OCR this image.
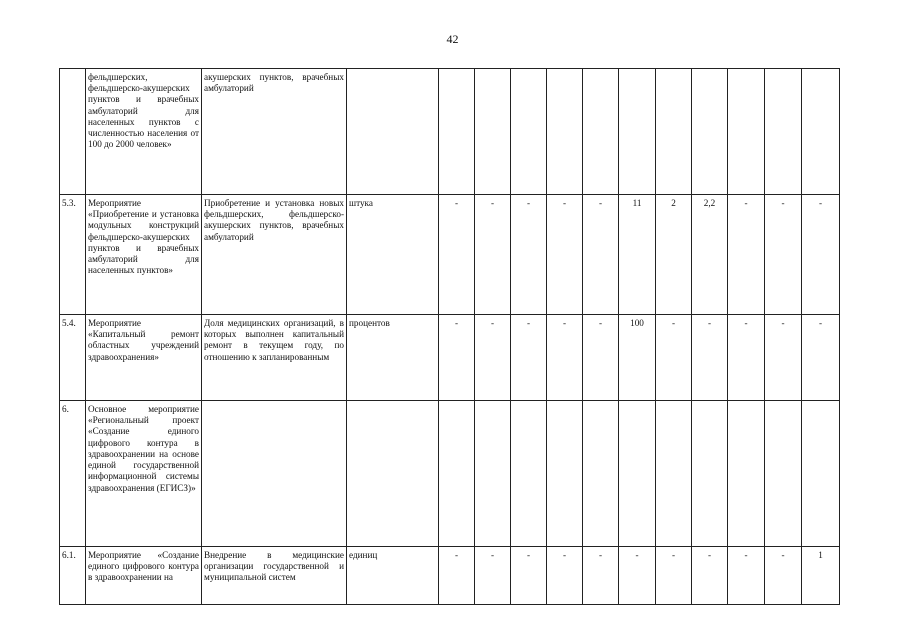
42
	фельдшерских, фельдшерско-акушерских пунктов и врачебных амбулаторий для населенных пунктов с численностью населения от 100 до 2000 человек»	акушерских пунктов, врачебных амбулаторий												
5.3.	Мероприятие «Приобретение и установка модульных конструкций фельдшерско-акушерских пунктов и врачебных амбулаторий для населенных пунктов»	Приобретение и установка новых фельдшерских, фельдшерско-акушерских пунктов, врачебных амбулаторий	штука	-	-	-	-	-	11	2	2,2	-	-	-
5.4.	Мероприятие «Капитальный ремонт областных учреждений здравоохранения»	Доля медицинских организаций, в которых выполнен капитальный ремонт в текущем году, по отношению к запланированным	процентов	-	-	-	-	-	100	-	-	-	-	-
6.	Основное мероприятие «Региональный проект «Создание единого цифрового контура в здравоохранении на основе единой государственной информационной системы здравоохранения (ЕГИСЗ)»													
6.1.	Мероприятие «Создание единого цифрового контура в здравоохранении на	Внедрение в медицинские организации государственной и муниципальной систем	единиц	-	-	-	-	-	-	-	-	-	-	1
